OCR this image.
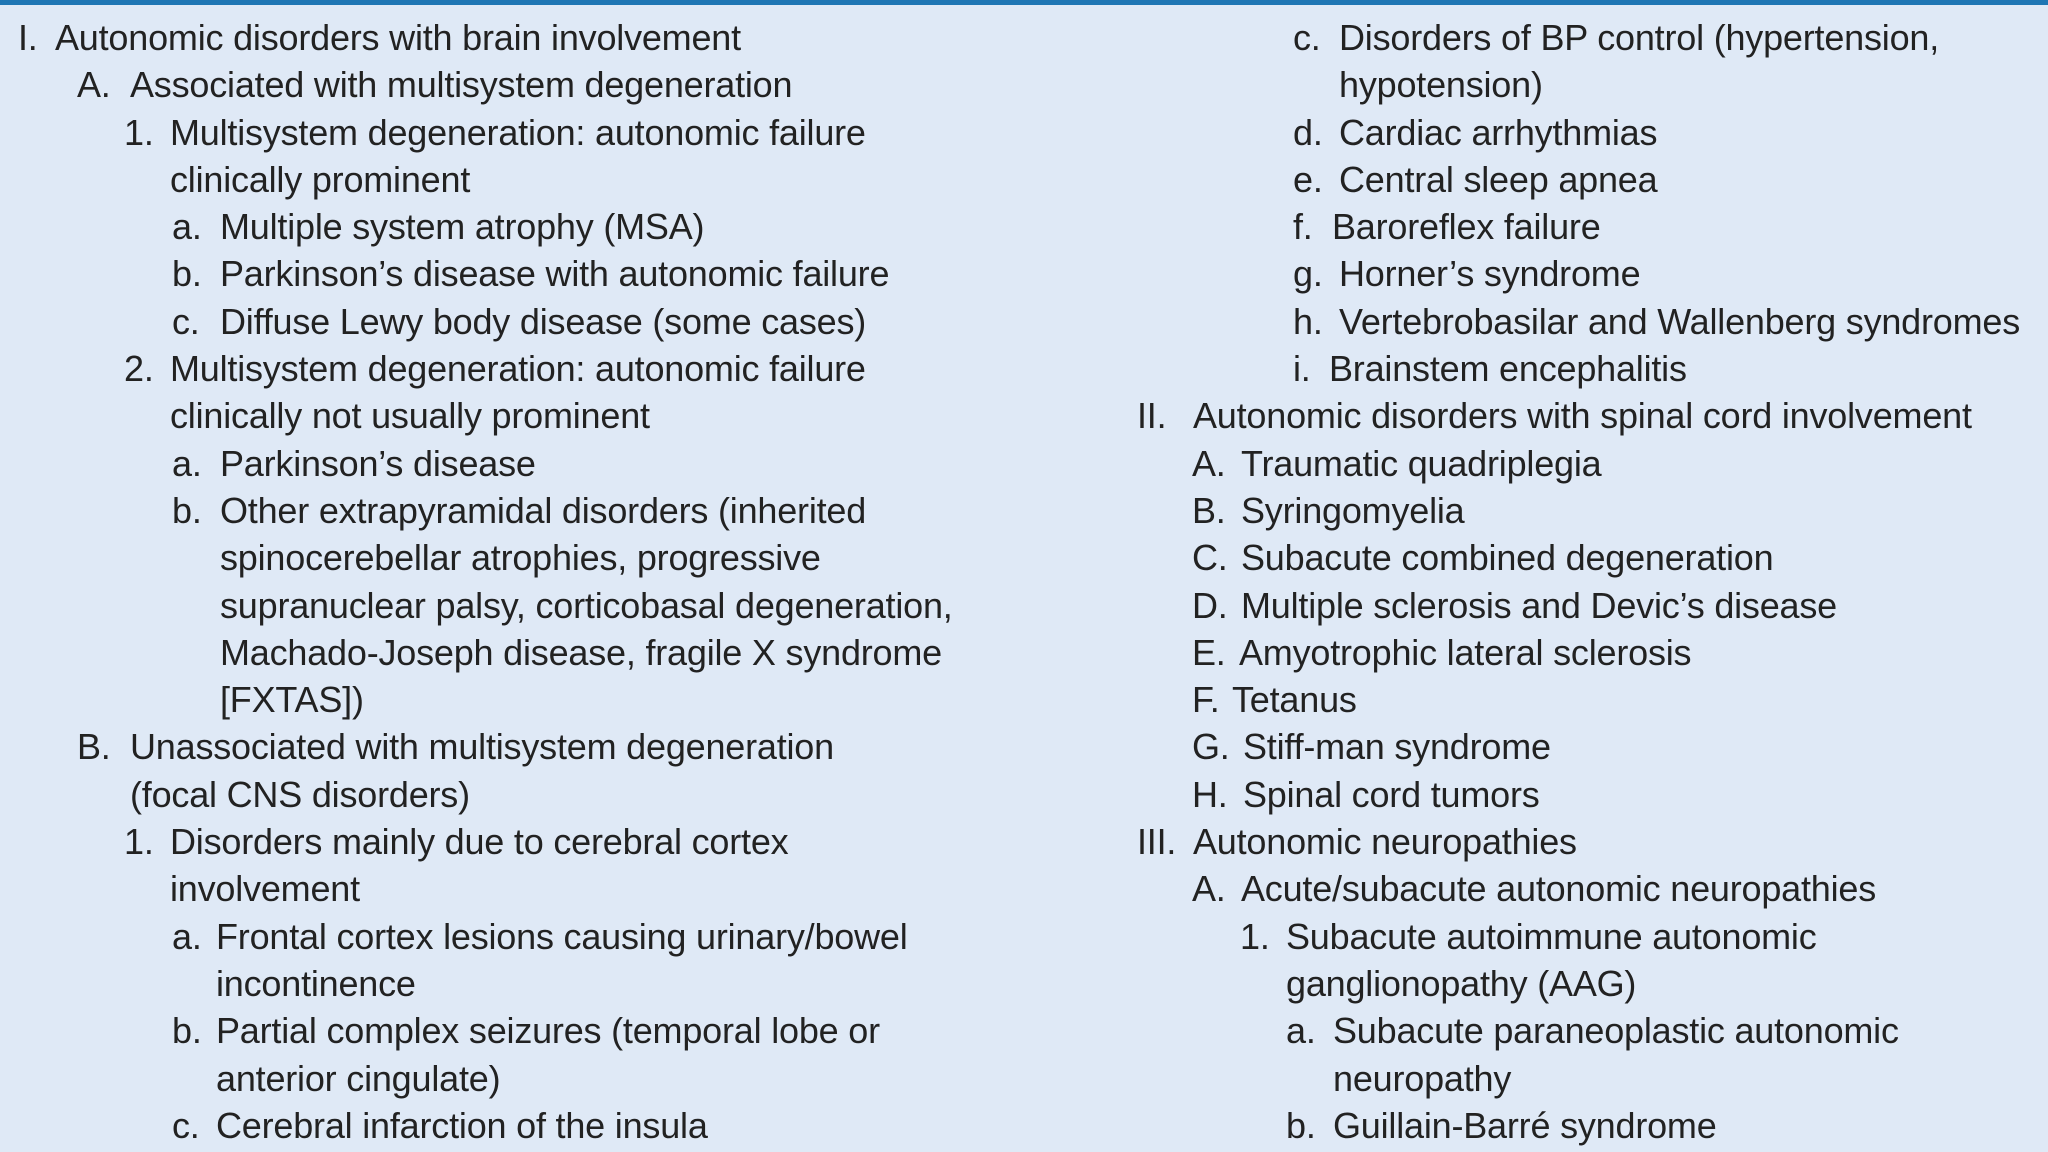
I. Autonomic disorders with brain involvement
A. Associated with multisystem degeneration
1. Multisystem degeneration: autonomic failure
clinically prominent
a. Multiple system atrophy (MSA)
b. Parkinson’s disease with autonomic failure
c. Diffuse Lewy body disease (some cases)
2. Multisystem degeneration: autonomic failure
clinically not usually prominent
a. Parkinson’s disease
b. Other extrapyramidal disorders (inherited
spinocerebellar atrophies, progressive
supranuclear palsy, corticobasal degeneration,
Machado-Joseph disease, fragile X syndrome
[FXTAS])
B. Unassociated with multisystem degeneration
(focal CNS disorders)
1. Disorders mainly due to cerebral cortex
involvement
a. Frontal cortex lesions causing urinary/bowel
incontinence
b. Partial complex seizures (temporal lobe or
anterior cingulate)
c. Cerebral infarction of the insula
c. Disorders of BP control (hypertension,
hypotension)
d. Cardiac arrhythmias
e. Central sleep apnea
f. Baroreflex failure
g. Horner’s syndrome
h. Vertebrobasilar and Wallenberg syndromes
i. Brainstem encephalitis
II. Autonomic disorders with spinal cord involvement
A. Traumatic quadriplegia
B. Syringomyelia
C. Subacute combined degeneration
D. Multiple sclerosis and Devic’s disease
E. Amyotrophic lateral sclerosis
F. Tetanus
G. Stiff-man syndrome
H. Spinal cord tumors
III. Autonomic neuropathies
A. Acute/subacute autonomic neuropathies
1. Subacute autoimmune autonomic
ganglionopathy (AAG)
a. Subacute paraneoplastic autonomic
neuropathy
b. Guillain-Barré syndrome
